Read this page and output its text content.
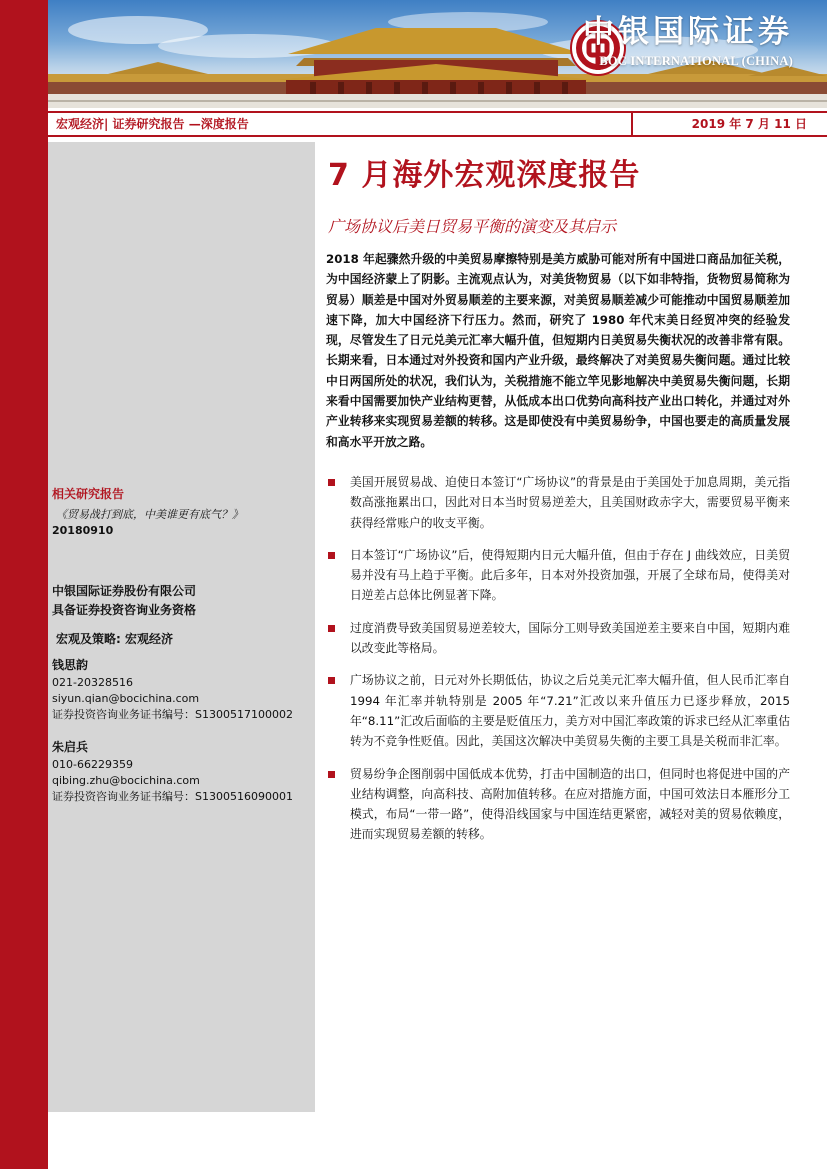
中银国际证券
BOC INTERNATIONAL (CHINA)
宏观经济| 证券研究报告 —深度报告	2019 年 7 月 11 日
相关研究报告
《贸易战打到底，中美谁更有底气？》
20180910
中银国际证券股份有限公司
具备证券投资咨询业务资格
宏观及策略: 宏观经济
钱思韵
021-20328516
siyun.qian@bocichina.com
证券投资咨询业务证书编号：S1300517100002
朱启兵
010-66229359
qibing.zhu@bocichina.com
证券投资咨询业务证书编号：S1300516090001
7 月海外宏观深度报告
广场协议后美日贸易平衡的演变及其启示
2018 年起骤然升级的中美贸易摩擦特别是美方威胁可能对所有中国进口商品加征关税，为中国经济蒙上了阴影。主流观点认为，对美货物贸易（以下如非特指，货物贸易简称为贸易）顺差是中国对外贸易顺差的主要来源，对美贸易顺差减少可能推动中国贸易顺差加速下降，加大中国经济下行压力。然而，研究了 1980 年代末美日经贸冲突的经验发现，尽管发生了日元兑美元汇率大幅升值，但短期内日美贸易失衡状况的改善非常有限。长期来看，日本通过对外投资和国内产业升级，最终解决了对美贸易失衡问题。通过比较中日两国所处的状况，我们认为，关税措施不能立竿见影地解决中美贸易失衡问题，长期来看中国需要加快产业结构更替，从低成本出口优势向高科技产业出口转化，并通过对外产业转移来实现贸易差额的转移。这是即使没有中美贸易纷争，中国也要走的高质量发展和高水平开放之路。
美国开展贸易战、迫使日本签订“广场协议”的背景是由于美国处于加息周期，美元指数高涨拖累出口，因此对日本当时贸易逆差大，且美国财政赤字大，需要贸易平衡来获得经常账户的收支平衡。
日本签订“广场协议”后，使得短期内日元大幅升值，但由于存在 J 曲线效应，日美贸易并没有马上趋于平衡。此后多年，日本对外投资加强，开展了全球布局，使得美对日逆差占总体比例显著下降。
过度消费导致美国贸易逆差较大，国际分工则导致美国逆差主要来自中国，短期内难以改变此等格局。
广场协议之前，日元对外长期低估，协议之后兑美元汇率大幅升值，但人民币汇率自 1994 年汇率并轨特别是 2005 年“7.21”汇改以来升值压力已逐步释放，2015 年“8.11”汇改后面临的主要是贬值压力，美方对中国汇率政策的诉求已经从汇率重估转为不竞争性贬值。因此，美国这次解决中美贸易失衡的主要工具是关税而非汇率。
贸易纷争企图削弱中国低成本优势，打击中国制造的出口，但同时也将促进中国的产业结构调整，向高科技、高附加值转移。在应对措施方面，中国可效法日本雁形分工模式，布局“一带一路”，使得沿线国家与中国连结更紧密，减轻对美的贸易依赖度，进而实现贸易差额的转移。
